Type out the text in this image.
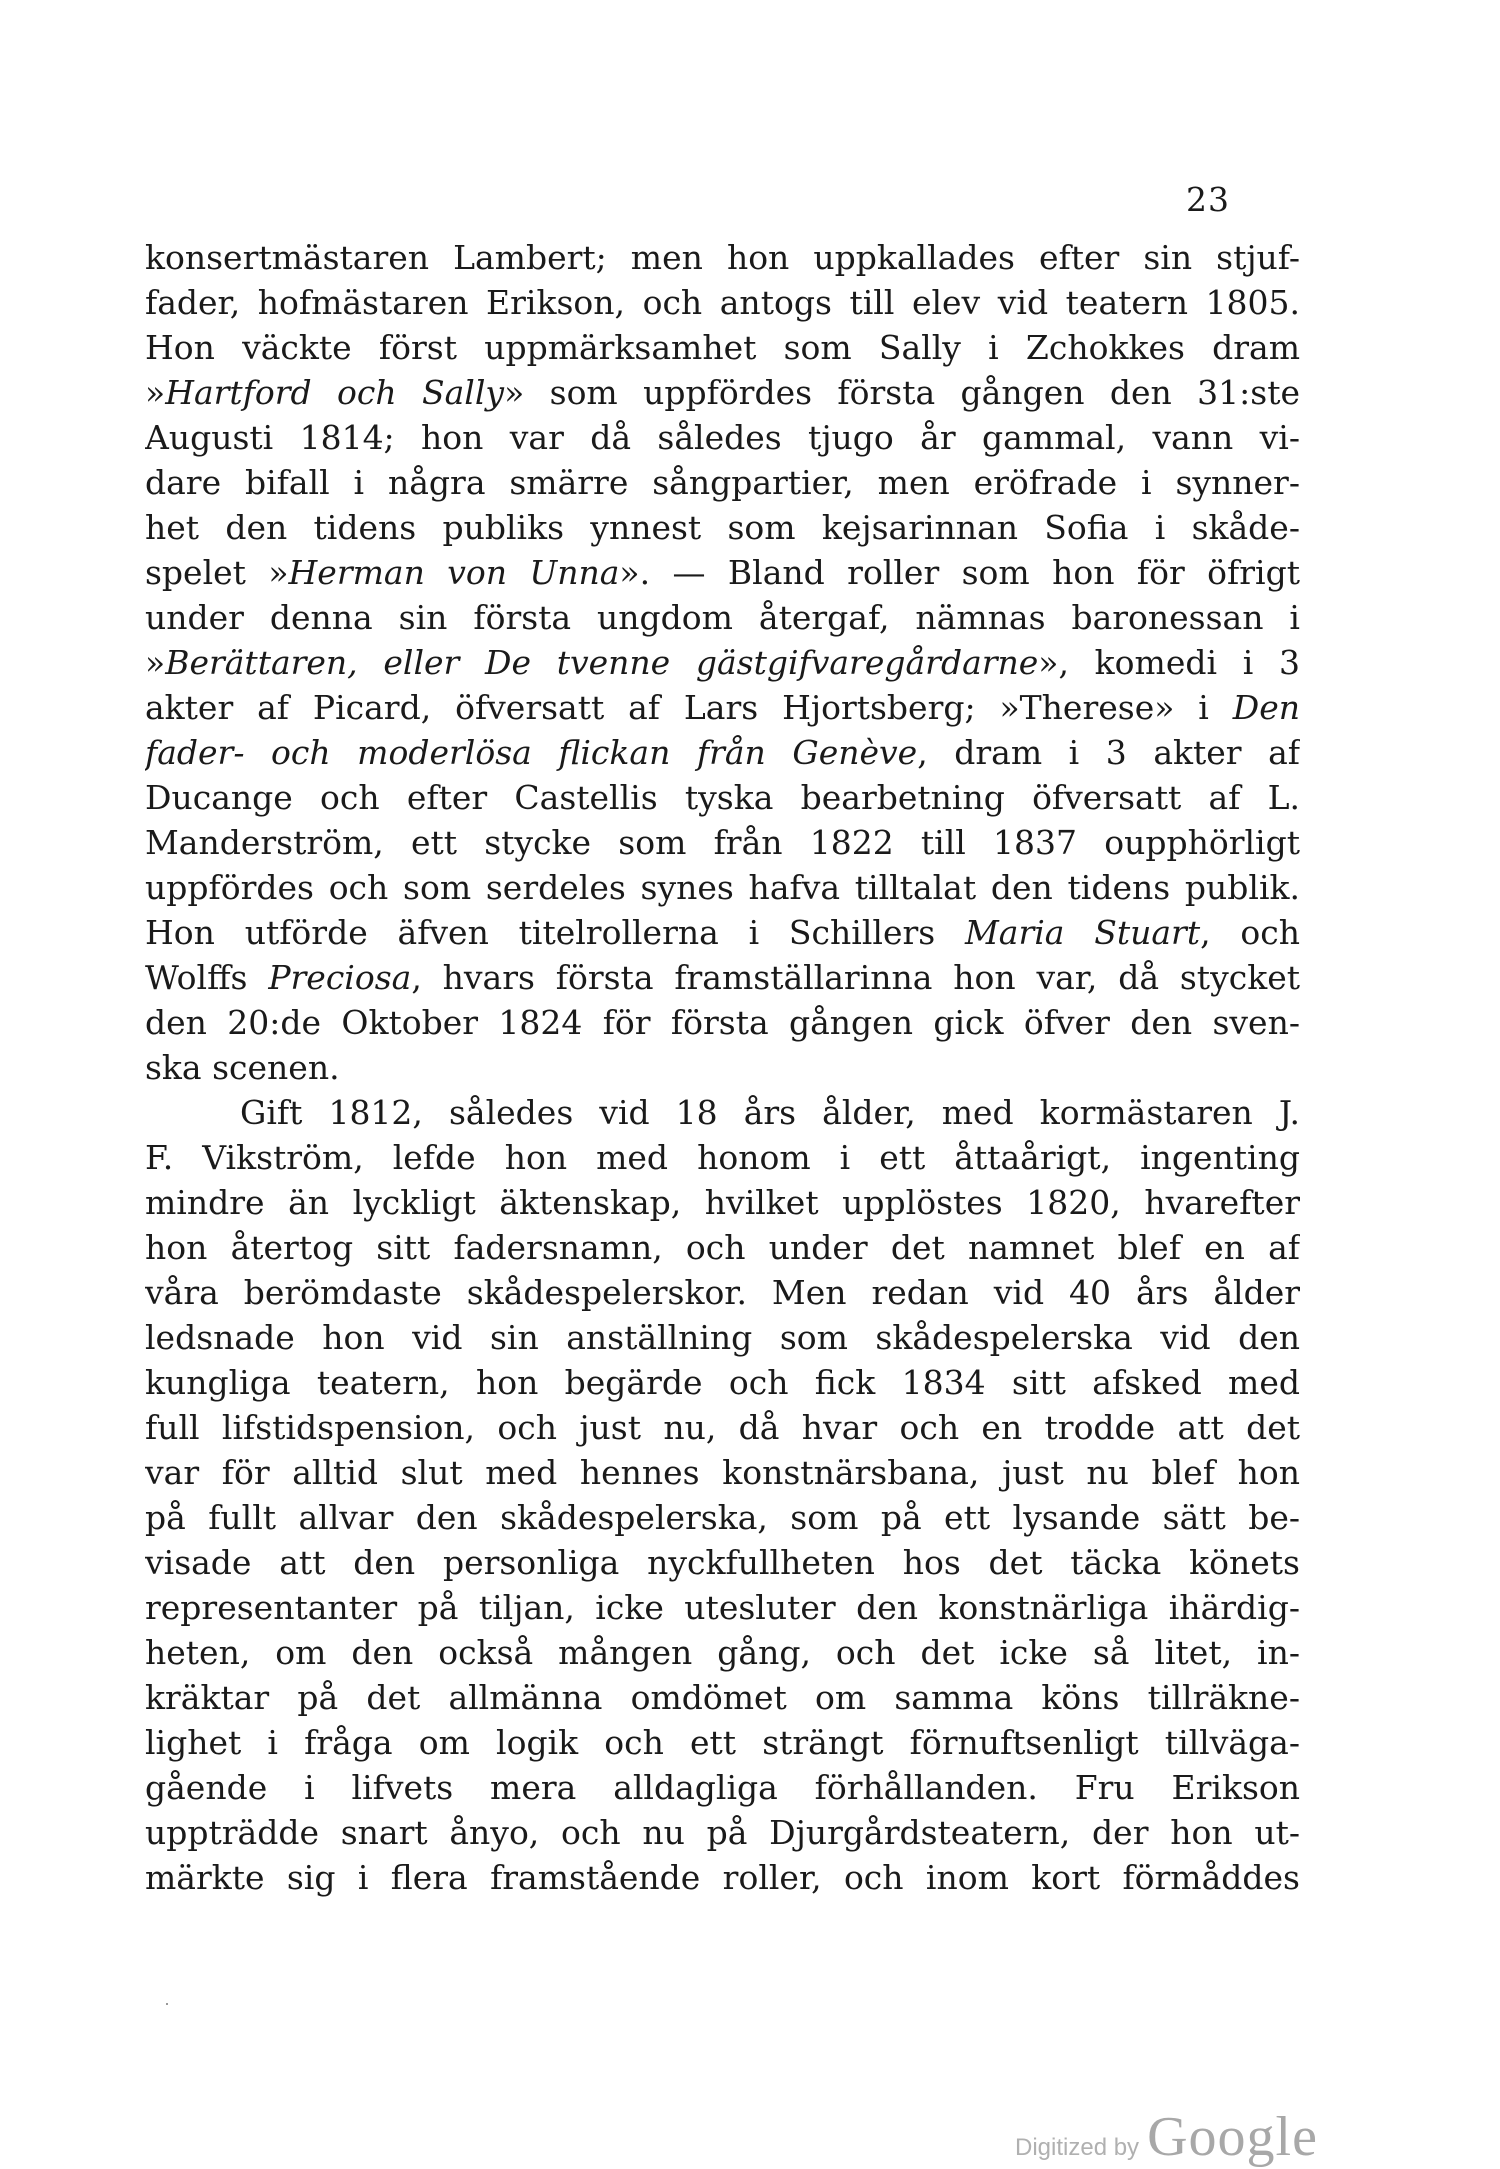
23
konsertmästaren Lambert; men hon uppkallades efter sin stjuf-
fader, hofmästaren Erikson, och antogs till elev vid teatern 1805.
Hon väckte först uppmärksamhet som Sally i Zchokkes dram
»Hartford och Sally» som uppfördes första gången den 31:ste
Augusti 1814; hon var då således tjugo år gammal, vann vi-
dare bifall i några smärre sångpartier, men eröfrade i synner-
het den tidens publiks ynnest som kejsarinnan Sofia i skåde-
spelet »Herman von Unna». — Bland roller som hon för öfrigt
under denna sin första ungdom återgaf, nämnas baronessan i
»Berättaren, eller De tvenne gästgifvaregårdarne», komedi i 3
akter af Picard, öfversatt af Lars Hjortsberg; »Therese» i Den
fader- och moderlösa flickan från Genève, dram i 3 akter af
Ducange och efter Castellis tyska bearbetning öfversatt af L.
Manderström, ett stycke som från 1822 till 1837 oupphörligt
uppfördes och som serdeles synes hafva tilltalat den tidens publik.
Hon utförde äfven titelrollerna i Schillers Maria Stuart, och
Wolffs Preciosa, hvars första framställarinna hon var, då stycket
den 20:de Oktober 1824 för första gången gick öfver den sven-
ska scenen.
Gift 1812, således vid 18 års ålder, med kormästaren J.
F. Vikström, lefde hon med honom i ett åttaårigt, ingenting
mindre än lyckligt äktenskap, hvilket upplöstes 1820, hvarefter
hon återtog sitt fadersnamn, och under det namnet blef en af
våra berömdaste skådespelerskor. Men redan vid 40 års ålder
ledsnade hon vid sin anställning som skådespelerska vid den
kungliga teatern, hon begärde och fick 1834 sitt afsked med
full lifstidspension, och just nu, då hvar och en trodde att det
var för alltid slut med hennes konstnärsbana, just nu blef hon
på fullt allvar den skådespelerska, som på ett lysande sätt be-
visade att den personliga nyckfullheten hos det täcka könets
representanter på tiljan, icke utesluter den konstnärliga ihärdig-
heten, om den också mången gång, och det icke så litet, in-
kräktar på det allmänna omdömet om samma köns tillräkne-
lighet i fråga om logik och ett strängt förnuftsenligt tillväga-
gående i lifvets mera alldagliga förhållanden. Fru Erikson
uppträdde snart ånyo, och nu på Djurgårdsteatern, der hon ut-
märkte sig i flera framstående roller, och inom kort förmåddes
Digitized by Google
